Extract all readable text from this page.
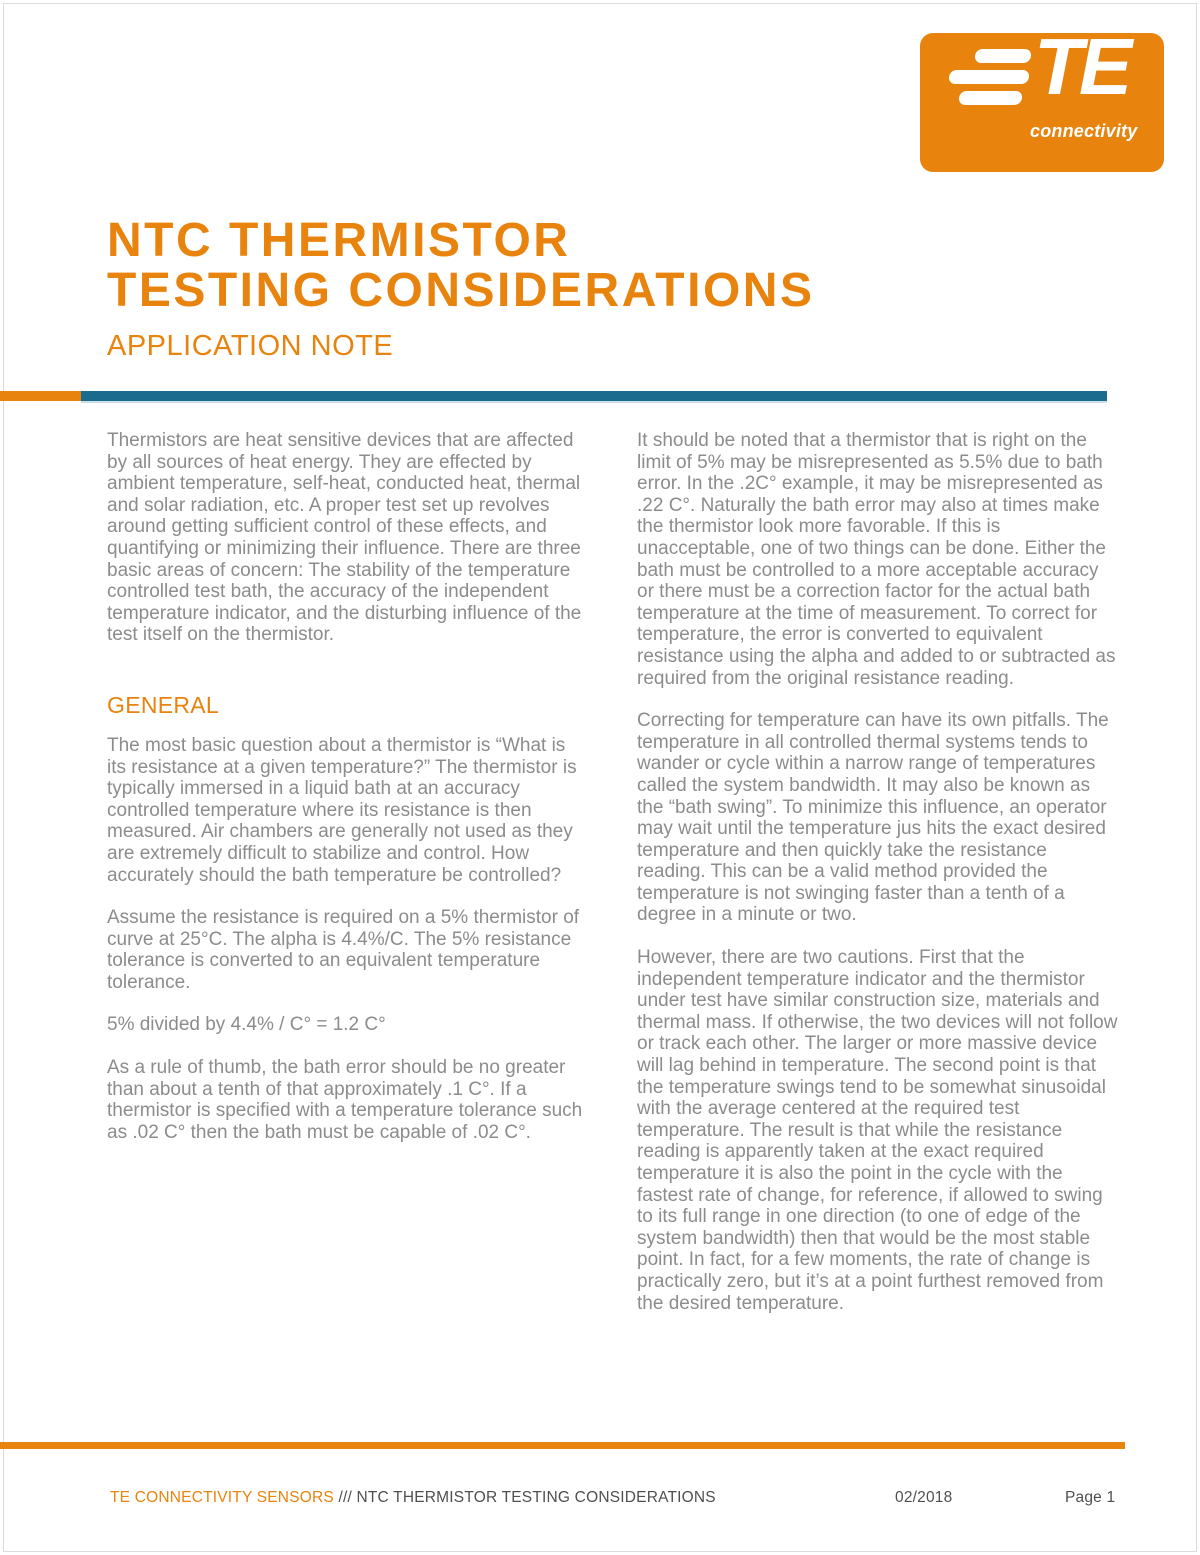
TE
connectivity
NTC THERMISTOR
TESTING CONSIDERATIONS
APPLICATION NOTE

Thermistors are heat sensitive devices that are affected by all sources of heat energy. They are effected by ambient temperature, self-heat, conducted heat, thermal and solar radiation, etc. A proper test set up revolves around getting sufficient control of these effects, and quantifying or minimizing their influence. There are three basic areas of concern: The stability of the temperature controlled test bath, the accuracy of the independent temperature indicator, and the disturbing influence of the test itself on the thermistor.

GENERAL

The most basic question about a thermistor is “What is its resistance at a given temperature?” The thermistor is typically immersed in a liquid bath at an accuracy controlled temperature where its resistance is then measured. Air chambers are generally not used as they are extremely difficult to stabilize and control. How accurately should the bath temperature be controlled?

Assume the resistance is required on a 5% thermistor of curve at 25°C. The alpha is 4.4%/C. The 5% resistance tolerance is converted to an equivalent temperature tolerance.

5% divided by 4.4% / C° = 1.2 C°

As a rule of thumb, the bath error should be no greater than about a tenth of that approximately .1 C°. If a thermistor is specified with a temperature tolerance such as .02 C° then the bath must be capable of .02 C°.

It should be noted that a thermistor that is right on the limit of 5% may be misrepresented as 5.5% due to bath error. In the .2C° example, it may be misrepresented as .22 C°. Naturally the bath error may also at times make the thermistor look more favorable. If this is unacceptable, one of two things can be done. Either the bath must be controlled to a more acceptable accuracy or there must be a correction factor for the actual bath temperature at the time of measurement. To correct for temperature, the error is converted to equivalent resistance using the alpha and added to or subtracted as required from the original resistance reading.

Correcting for temperature can have its own pitfalls. The temperature in all controlled thermal systems tends to wander or cycle within a narrow range of temperatures called the system bandwidth. It may also be known as the “bath swing”. To minimize this influence, an operator may wait until the temperature jus hits the exact desired temperature and then quickly take the resistance reading. This can be a valid method provided the temperature is not swinging faster than a tenth of a degree in a minute or two.

However, there are two cautions. First that the independent temperature indicator and the thermistor under test have similar construction size, materials and thermal mass. If otherwise, the two devices will not follow or track each other. The larger or more massive device will lag behind in temperature. The second point is that the temperature swings tend to be somewhat sinusoidal with the average centered at the required test temperature. The result is that while the resistance reading is apparently taken at the exact required temperature it is also the point in the cycle with the fastest rate of change, for reference, if allowed to swing to its full range in one direction (to one of edge of the system bandwidth) then that would be the most stable point. In fact, for a few moments, the rate of change is practically zero, but it’s at a point furthest removed from the desired temperature.

TE CONNECTIVITY SENSORS /// NTC THERMISTOR TESTING CONSIDERATIONS	02/2018	Page 1
